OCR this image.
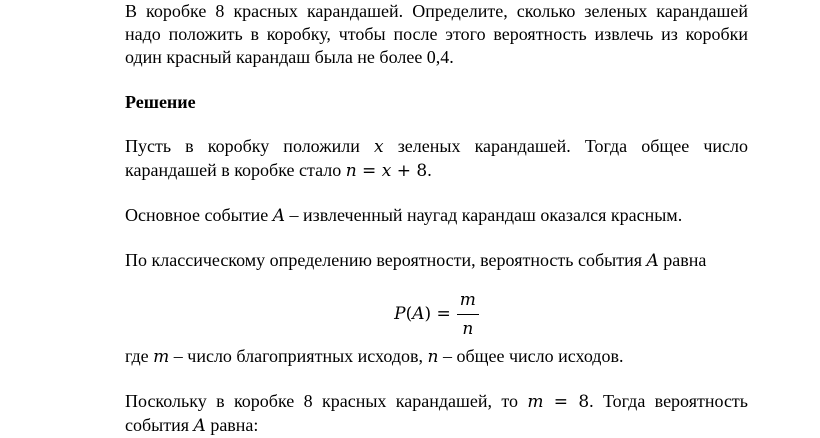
В коробке 8 красных карандашей. Определите, сколько зеленых карандашей надо положить в коробку, чтобы после этого вероятность извлечь из коробки один красный карандаш была не более 0,4.
Решение
Пусть в коробку положили x зеленых карандашей. Тогда общее число карандашей в коробке стало n = x + 8.
Основное событие A – извлеченный наугад карандаш оказался красным.
По классическому определению вероятности, вероятность события A равна
$P(A) = \frac{m}{n}$
где m – число благоприятных исходов, n – общее число исходов.
Поскольку в коробке 8 красных карандашей, то m = 8. Тогда вероятность события A равна:
